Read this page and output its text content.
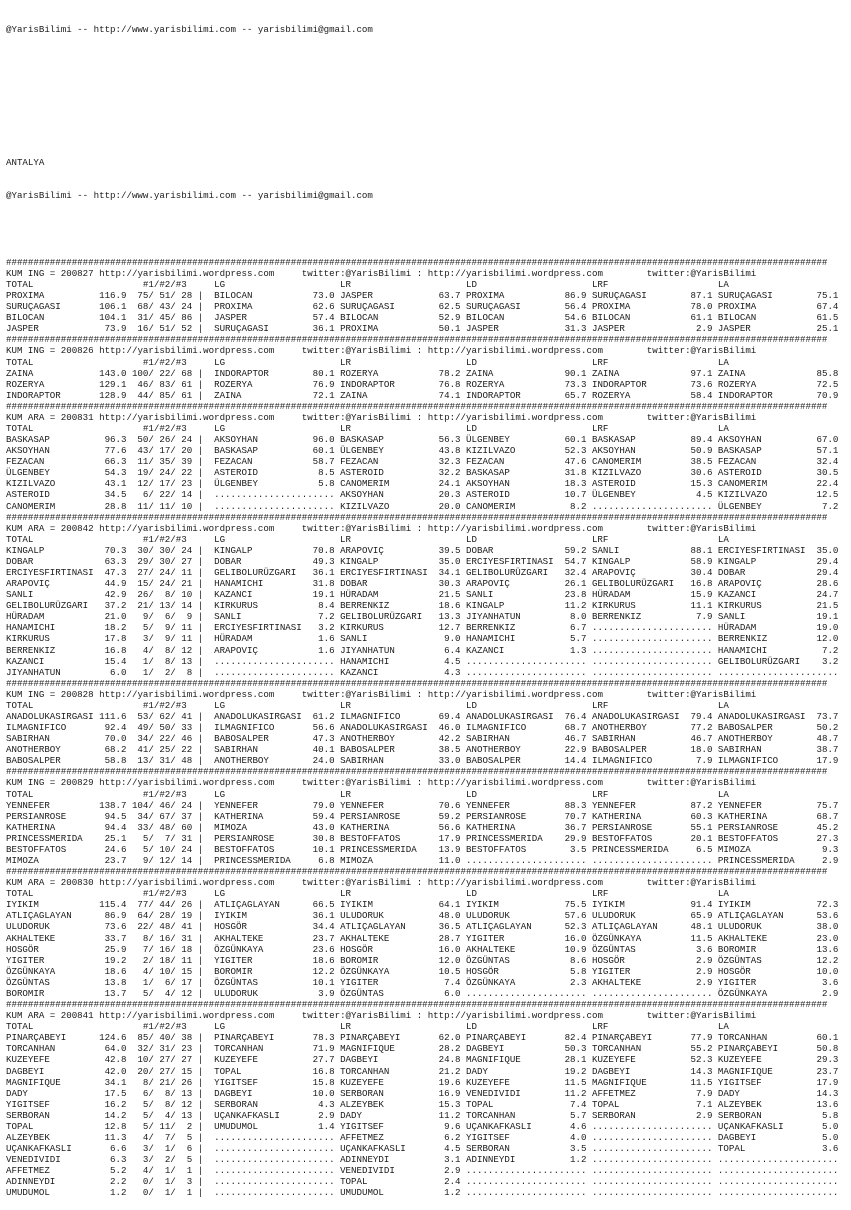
@YarisBilimi -- http://www.yarisbilimi.com -- yarisbilimi@gmail.com

ANTALYA

@YarisBilimi -- http://www.yarisbilimi.com -- yarisbilimi@gmail.com

######################################################################################################################################################
KUM ING = 200827 http://yarisbilimi.wordpress.com	twitter:@YarisBilimi : http://yarisbilimi.wordpress.com	twitter:@YarisBilimi
TOTAL                    #1/#2/#3     LG                     LR                     LD                     LRF                    LA
PROXIMA          116.9  75/ 51/ 28 |  BILOCAN           73.0 JASPER            63.7 PROXIMA           86.9 SURUÇAGASI        87.1 SURUÇAGASI        75.1
SURUÇAGASI       106.1  68/ 43/ 24 |  PROXIMA           62.6 SURUÇAGASI        62.5 SURUÇAGASI        56.4 PROXIMA           78.0 PROXIMA           67.4
BILOCAN          104.1  31/ 45/ 86 |  JASPER            57.4 BILOCAN           52.9 BILOCAN           54.6 BILOCAN           61.1 BILOCAN           61.5
JASPER            73.9  16/ 51/ 52 |  SURUÇAGASI        36.1 PROXIMA           50.1 JASPER            31.3 JASPER             2.9 JASPER            25.1
######################################################################################################################################################
KUM ING = 200826 http://yarisbilimi.wordpress.com	twitter:@YarisBilimi : http://yarisbilimi.wordpress.com	twitter:@YarisBilimi
TOTAL                    #1/#2/#3     LG                     LR                     LD                     LRF                    LA
ZAINA            143.0 100/ 22/ 68 |  INDORAPTOR        80.1 ROZERYA           78.2 ZAINA             90.1 ZAINA             97.1 ZAINA             85.8
ROZERYA          129.1  46/ 83/ 61 |  ROZERYA           76.9 INDORAPTOR        76.8 ROZERYA           73.3 INDORAPTOR        73.6 ROZERYA           72.5
INDORAPTOR       128.9  44/ 85/ 61 |  ZAINA             72.1 ZAINA             74.1 INDORAPTOR        65.7 ROZERYA           58.4 INDORAPTOR        70.9
######################################################################################################################################################
KUM ARA = 200831 http://yarisbilimi.wordpress.com	twitter:@YarisBilimi : http://yarisbilimi.wordpress.com	twitter:@YarisBilimi
TOTAL                    #1/#2/#3     LG                     LR                     LD                     LRF                    LA
BASKASAP          96.3  50/ 26/ 24 |  AKSOYHAN          96.0 BASKASAP          56.3 ÜLGENBEY          60.1 BASKASAP          89.4 AKSOYHAN          67.0
AKSOYHAN          77.6  43/ 17/ 20 |  BASKASAP          60.1 ÜLGENBEY          43.8 KIZILVAZO         52.3 AKSOYHAN          50.9 BASKASAP          57.1
FEZACAN           66.3  11/ 35/ 39 |  FEZACAN           58.7 FEZACAN           32.3 FEZACAN           47.6 CANOMERIM         38.5 FEZACAN           32.4
ÜLGENBEY          54.3  19/ 24/ 22 |  ASTEROID           8.5 ASTEROID          32.2 BASKASAP          31.8 KIZILVAZO         30.6 ASTEROID          30.5
KIZILVAZO         43.1  12/ 17/ 23 |  ÜLGENBEY           5.8 CANOMERIM         24.1 AKSOYHAN          18.3 ASTEROID          15.3 CANOMERIM         22.4
ASTEROID          34.5   6/ 22/ 14 |  ...................... AKSOYHAN          20.3 ASTEROID          10.7 ÜLGENBEY           4.5 KIZILVAZO         12.5
CANOMERIM         28.8  11/ 11/ 10 |  ...................... KIZILVAZO         20.0 CANOMERIM          8.2 ...................... ÜLGENBEY           7.2
######################################################################################################################################################
KUM ARA = 200842 http://yarisbilimi.wordpress.com	twitter:@YarisBilimi : http://yarisbilimi.wordpress.com	twitter:@YarisBilimi
TOTAL                    #1/#2/#3     LG                     LR                     LD                     LRF                    LA
KINGALP           70.3  30/ 30/ 24 |  KINGALP           70.8 ARAPOVIÇ          39.5 DOBAR             59.2 SANLI             88.1 ERCIYESFIRTINASI  35.0
DOBAR             63.3  29/ 30/ 27 |  DOBAR             49.3 KINGALP           35.0 ERCIYESFIRTINASI  54.7 KINGALP           58.9 KINGALP           29.4
ERCIYESFIRTINASI  47.3  27/ 24/ 11 |  GELIBOLURÜZGARI   36.1 ERCIYESFIRTINASI  34.1 GELIBOLURÜZGARI   32.4 ARAPOVIÇ          30.4 DOBAR             29.4
ARAPOVIÇ          44.9  15/ 24/ 21 |  HANAMICHI         31.8 DOBAR             30.3 ARAPOVIÇ          26.1 GELIBOLURÜZGARI   16.8 ARAPOVIÇ          28.6
SANLI             42.9  26/  8/ 10 |  KAZANCI           19.1 HÜRADAM           21.5 SANLI             23.8 HÜRADAM           15.9 KAZANCI           24.7
GELIBOLURÜZGARI   37.2  21/ 13/ 14 |  KIRKURUS           8.4 BERRENKIZ         18.6 KINGALP           11.2 KIRKURUS          11.1 KIRKURUS          21.5
HÜRADAM           21.0   9/  6/  9 |  SANLI              7.2 GELIBOLURÜZGARI   13.3 JIYANHATUN         8.0 BERRENKIZ          7.9 SANLI             19.1
HANAMICHI         18.2   5/  9/ 11 |  ERCIYESFIRTINASI   3.2 KIRKURUS          12.7 BERRENKIZ          6.7 ...................... HÜRADAM           19.0
KIRKURUS          17.8   3/  9/ 11 |  HÜRADAM            1.6 SANLI              9.0 HANAMICHI          5.7 ...................... BERRENKIZ         12.0
BERRENKIZ         16.8   4/  8/ 12 |  ARAPOVIÇ           1.6 JIYANHATUN         6.4 KAZANCI            1.3 ...................... HANAMICHI          7.2
KAZANCI           15.4   1/  8/ 13 |  ...................... HANAMICHI          4.5 ...................... ...................... GELIBOLURÜZGARI    3.2
JIYANHATUN         6.0   1/  2/  8 |  ...................... KAZANCI            4.3 ...................... ...................... ......................
######################################################################################################################################################
KUM ING = 200828 http://yarisbilimi.wordpress.com	twitter:@YarisBilimi : http://yarisbilimi.wordpress.com	twitter:@YarisBilimi
TOTAL                    #1/#2/#3     LG                     LR                     LD                     LRF                    LA
ANADOLUKASIRGASI 111.6  53/ 62/ 41 |  ANADOLUKASIRGASI  61.2 ILMAGNIFICO       69.4 ANADOLUKASIRGASI  76.4 ANADOLUKASIRGASI  79.4 ANADOLUKASIRGASI  73.7
ILMAGNIFICO       92.4  49/ 50/ 33 |  ILMAGNIFICO       56.6 ANADOLUKASIRGASI  46.0 ILMAGNIFICO       68.7 ANOTHERBOY        77.2 BABOSALPER        50.2
SABIRHAN          70.0  34/ 22/ 46 |  BABOSALPER        47.3 ANOTHERBOY        42.2 SABIRHAN          46.7 SABIRHAN          46.7 ANOTHERBOY        48.7
ANOTHERBOY        68.2  41/ 25/ 22 |  SABIRHAN          40.1 BABOSALPER        38.5 ANOTHERBOY        22.9 BABOSALPER        18.0 SABIRHAN          38.7
BABOSALPER        58.8  13/ 31/ 48 |  ANOTHERBOY        24.0 SABIRHAN          33.0 BABOSALPER        14.4 ILMAGNIFICO        7.9 ILMAGNIFICO       17.9
######################################################################################################################################################
KUM ING = 200829 http://yarisbilimi.wordpress.com	twitter:@YarisBilimi : http://yarisbilimi.wordpress.com	twitter:@YarisBilimi
TOTAL                    #1/#2/#3     LG                     LR                     LD                     LRF                    LA
YENNEFER         138.7 104/ 46/ 24 |  YENNEFER          79.0 YENNEFER          70.6 YENNEFER          88.3 YENNEFER          87.2 YENNEFER          75.7
PERSIANROSE       94.5  34/ 67/ 37 |  KATHERINA         59.4 PERSIANROSE       59.2 PERSIANROSE       70.7 KATHERINA         60.3 KATHERINA         68.7
KATHERINA         94.4  33/ 48/ 60 |  MIMOZA            43.0 KATHERINA         56.6 KATHERINA         36.7 PERSIANROSE       55.1 PERSIANROSE       45.2
PRINCESSMERIDA    25.1   5/  7/ 31 |  PERSIANROSE       30.8 BESTOFFATOS       17.9 PRINCESSMERIDA    29.9 BESTOFFATOS       20.1 BESTOFFATOS       27.3
BESTOFFATOS       24.6   5/ 10/ 24 |  BESTOFFATOS       10.1 PRINCESSMERIDA    13.9 BESTOFFATOS        3.5 PRINCESSMERIDA     6.5 MIMOZA             9.3
MIMOZA            23.7   9/ 12/ 14 |  PRINCESSMERIDA     6.8 MIMOZA            11.0 ...................... ...................... PRINCESSMERIDA     2.9
######################################################################################################################################################
KUM ARA = 200830 http://yarisbilimi.wordpress.com	twitter:@YarisBilimi : http://yarisbilimi.wordpress.com	twitter:@YarisBilimi
TOTAL                    #1/#2/#3     LG                     LR                     LD                     LRF                    LA
IYIKIM           115.4  77/ 44/ 26 |  ATLIÇAGLAYAN      66.5 IYIKIM            64.1 IYIKIM            75.5 IYIKIM            91.4 IYIKIM            72.3
ATLIÇAGLAYAN      86.9  64/ 28/ 19 |  IYIKIM            36.1 ULUDORUK          48.0 ULUDORUK          57.6 ULUDORUK          65.9 ATLIÇAGLAYAN      53.6
ULUDORUK          73.6  22/ 48/ 41 |  HOSGÖR            34.4 ATLIÇAGLAYAN      36.5 ATLIÇAGLAYAN      52.3 ATLIÇAGLAYAN      48.1 ULUDORUK          38.0
AKHALTEKE         33.7   8/ 16/ 31 |  AKHALTEKE         23.7 AKHALTEKE         28.7 YIGITER           16.0 ÖZGÜNKAYA         11.5 AKHALTEKE         23.0
HOSGÖR            25.9   7/ 16/ 18 |  ÖZGÜNKAYA         23.6 HOSGÖR            16.0 AKHALTEKE         10.9 ÖZGÜNTAS           3.6 BOROMIR           13.6
YIGITER           19.2   2/ 18/ 11 |  YIGITER           18.6 BOROMIR           12.0 ÖZGÜNTAS           8.6 HOSGÖR             2.9 ÖZGÜNTAS          12.2
ÖZGÜNKAYA         18.6   4/ 10/ 15 |  BOROMIR           12.2 ÖZGÜNKAYA         10.5 HOSGÖR             5.8 YIGITER            2.9 HOSGÖR            10.0
ÖZGÜNTAS          13.8   1/  6/ 17 |  ÖZGÜNTAS          10.1 YIGITER            7.4 ÖZGÜNKAYA          2.3 AKHALTEKE          2.9 YIGITER            3.6
BOROMIR           13.7   5/  4/ 12 |  ULUDORUK           3.9 ÖZGÜNTAS           6.0 ...................... ...................... ÖZGÜNKAYA          2.9
######################################################################################################################################################
KUM ARA = 200841 http://yarisbilimi.wordpress.com	twitter:@YarisBilimi : http://yarisbilimi.wordpress.com	twitter:@YarisBilimi
TOTAL                    #1/#2/#3     LG                     LR                     LD                     LRF                    LA
PINARÇABEYI      124.6  85/ 40/ 38 |  PINARÇABEYI       78.3 PINARÇABEYI       62.0 PINARÇABEYI       82.4 PINARÇABEYI       77.9 TORCANHAN         60.1
TORCANHAN         64.0  32/ 31/ 23 |  TORCANHAN         71.9 MAGNIFIQUE        28.2 DAGBEYI           50.3 TORCANHAN         55.2 PINARÇABEYI       50.8
KUZEYEFE          42.8  10/ 27/ 27 |  KUZEYEFE          27.7 DAGBEYI           24.8 MAGNIFIQUE        28.1 KUZEYEFE          52.3 KUZEYEFE          29.3
DAGBEYI           42.0  20/ 27/ 15 |  TOPAL             16.8 TORCANHAN         21.2 DADY              19.2 DAGBEYI           14.3 MAGNIFIQUE        23.7
MAGNIFIQUE        34.1   8/ 21/ 26 |  YIGITSEF          15.8 KUZEYEFE          19.6 KUZEYEFE          11.5 MAGNIFIQUE        11.5 YIGITSEF          17.9
DADY              17.5   6/  8/ 13 |  DAGBEYI           10.0 SERBORAN          16.9 VENEDIVIDI        11.2 AFFETMEZ           7.9 DADY              14.3
YIGITSEF          16.2   5/  8/ 12 |  SERBORAN           4.3 ALZEYBEK          15.3 TOPAL              7.4 TOPAL              7.1 ALZEYBEK          13.6
SERBORAN          14.2   5/  4/ 13 |  UÇANKAFKASLI       2.9 DADY              11.2 TORCANHAN          5.7 SERBORAN           2.9 SERBORAN           5.8
TOPAL             12.8   5/ 11/  2 |  UMUDUMOL           1.4 YIGITSEF           9.6 UÇANKAFKASLI       4.6 ...................... UÇANKAFKASLI       5.0
ALZEYBEK          11.3   4/  7/  5 |  ...................... AFFETMEZ           6.2 YIGITSEF           4.0 ...................... DAGBEYI            5.0
UÇANKAFKASLI       6.6   3/  1/  6 |  ...................... UÇANKAFKASLI       4.5 SERBORAN           3.5 ...................... TOPAL              3.6
VENEDIVIDI         6.3   3/  2/  5 |  ...................... ADINNEYDI          3.1 ADINNEYDI          1.2 ...................... ......................
AFFETMEZ           5.2   4/  1/  1 |  ...................... VENEDIVIDI         2.9 ...................... ...................... ......................
ADINNEYDI          2.2   0/  1/  3 |  ...................... TOPAL              2.4 ...................... ...................... ......................
UMUDUMOL           1.2   0/  1/  1 |  ...................... UMUDUMOL           1.2 ...................... ...................... ......................
